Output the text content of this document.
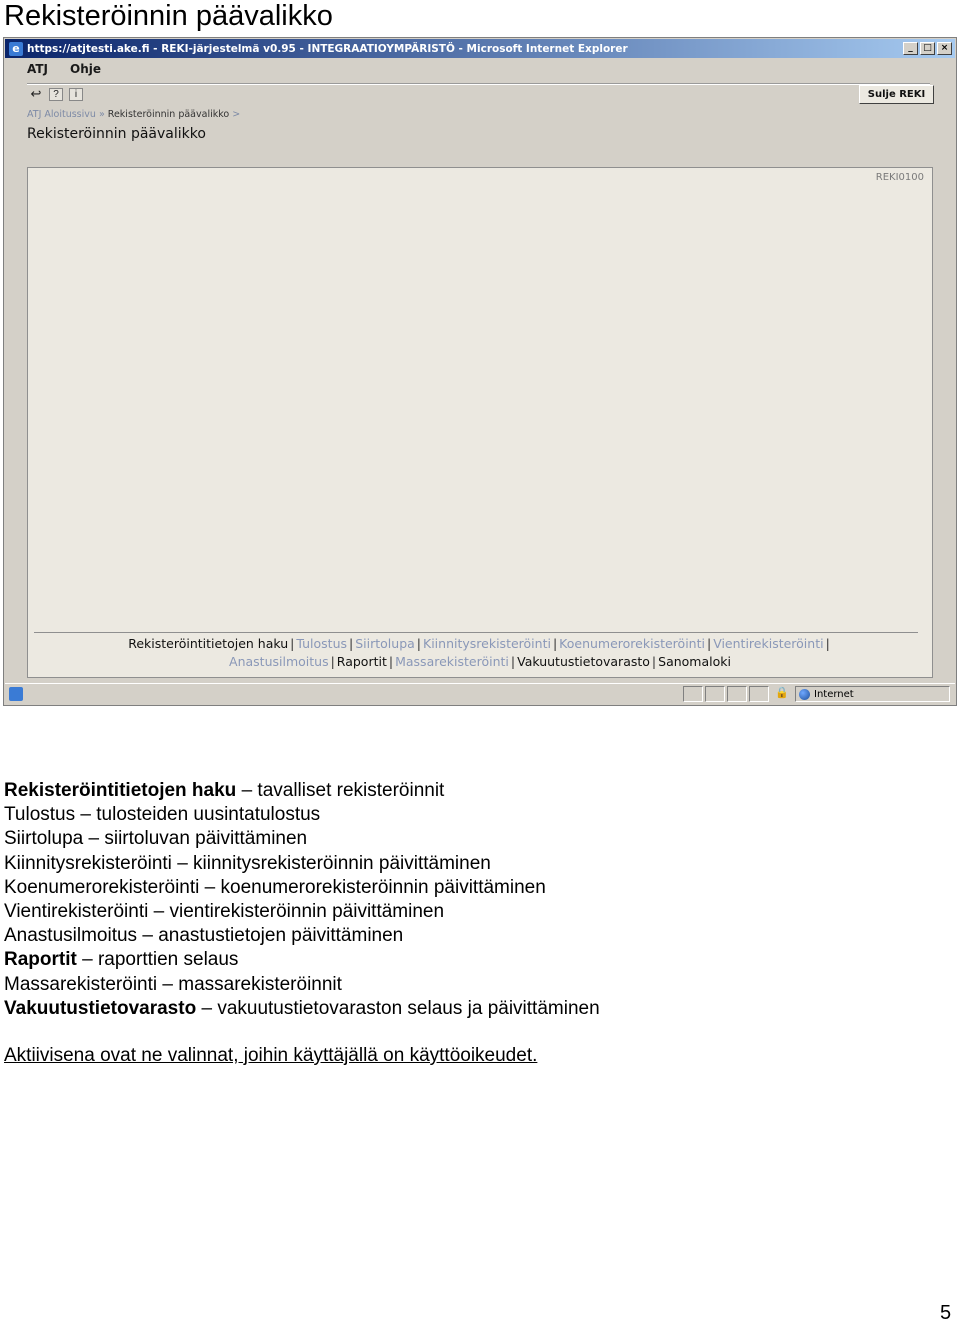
Rekisteröinnin päävalikko
e https://atjtesti.ake.fi - REKI-järjestelmä v0.95 - INTEGRAATIOYMPÄRISTÖ - Microsoft Internet Explorer	_	□ ×
ATJ Ohje
↩	?	i	Sulje REKI
ATJ Aloitussivu » Rekisteröinnin päävalikko >
Rekisteröinnin päävalikko
REKI0100
Rekisteröintitietojen haku | Tulostus | Siirtolupa | Kiinnitysrekisteröinti | Koenumerorekisteröinti | Vientirekisteröinti |
Anastusilmoitus | Raportit | Massarekisteröinti | Vakuutustietovarasto | Sanomaloki
🔒	Internet
Rekisteröintitietojen haku – tavalliset rekisteröinnit
Tulostus – tulosteiden uusintatulostus
Siirtolupa – siirtoluvan päivittäminen
Kiinnitysrekisteröinti – kiinnitysrekisteröinnin päivittäminen
Koenumerorekisteröinti – koenumerorekisteröinnin päivittäminen
Vientirekisteröinti – vientirekisteröinnin päivittäminen
Anastusilmoitus – anastustietojen päivittäminen
Raportit – raporttien selaus
Massarekisteröinti – massarekisteröinnit
Vakuutustietovarasto – vakuutustietovaraston selaus ja päivittäminen
Aktiivisena ovat ne valinnat, joihin käyttäjällä on käyttöoikeudet.
5
